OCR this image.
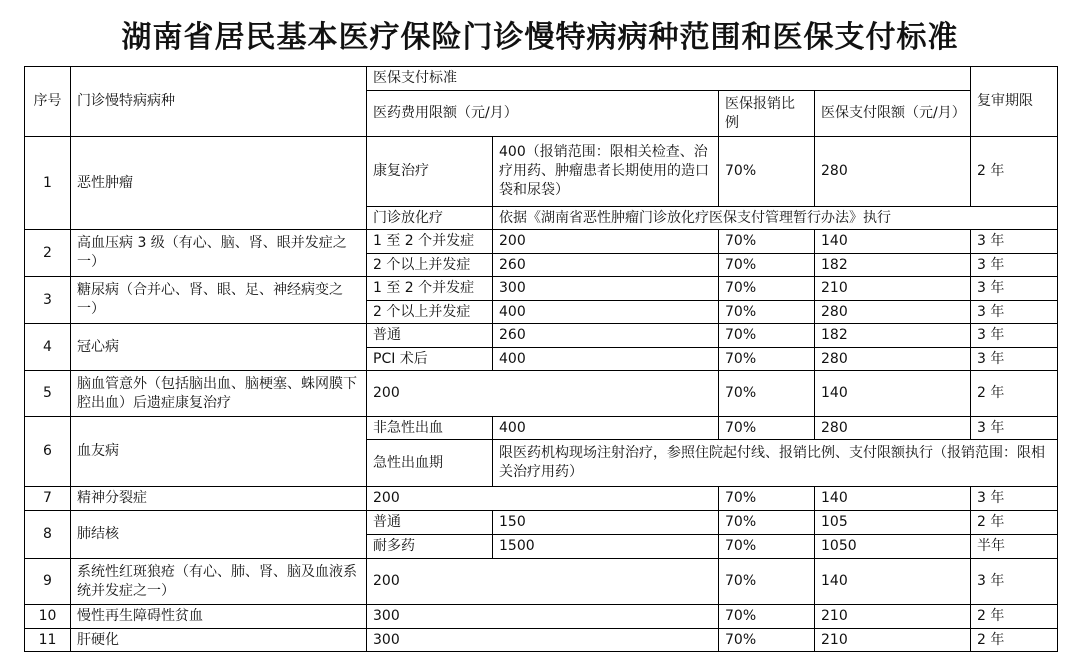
湖南省居民基本医疗保险门诊慢特病病种范围和医保支付标准
序号	门诊慢特病病种	医保支付标准				复审期限
		医药费用限额（元/月）		医保报销比例	医保支付限额（元/月）	
1	恶性肿瘤	康复治疗	400（报销范围：限相关检查、治疗用药、肿瘤患者长期使用的造口袋和尿袋）	70%	280	2 年
		门诊放化疗	依据《湖南省恶性肿瘤门诊放化疗医保支付管理暂行办法》执行			
2	高血压病 3 级（有心、脑、肾、眼并发症之一）	1 至 2 个并发症	200	70%	140	3 年
		2 个以上并发症	260	70%	182	3 年
3	糖尿病（合并心、肾、眼、足、神经病变之一）	1 至 2 个并发症	300	70%	210	3 年
		2 个以上并发症	400	70%	280	3 年
4	冠心病	普通	260	70%	182	3 年
		PCI 术后	400	70%	280	3 年
5	脑血管意外（包括脑出血、脑梗塞、蛛网膜下腔出血）后遗症康复治疗	200		70%	140	2 年
6	血友病	非急性出血	400	70%	280	3 年
		急性出血期	限医药机构现场注射治疗，参照住院起付线、报销比例、支付限额执行（报销范围：限相关治疗用药）			
7	精神分裂症	200		70%	140	3 年
8	肺结核	普通	150	70%	105	2 年
		耐多药	1500	70%	1050	半年
9	系统性红斑狼疮（有心、肺、肾、脑及血液系统并发症之一）	200		70%	140	3 年
10	慢性再生障碍性贫血	300		70%	210	2 年
11	肝硬化	300		70%	210	2 年
